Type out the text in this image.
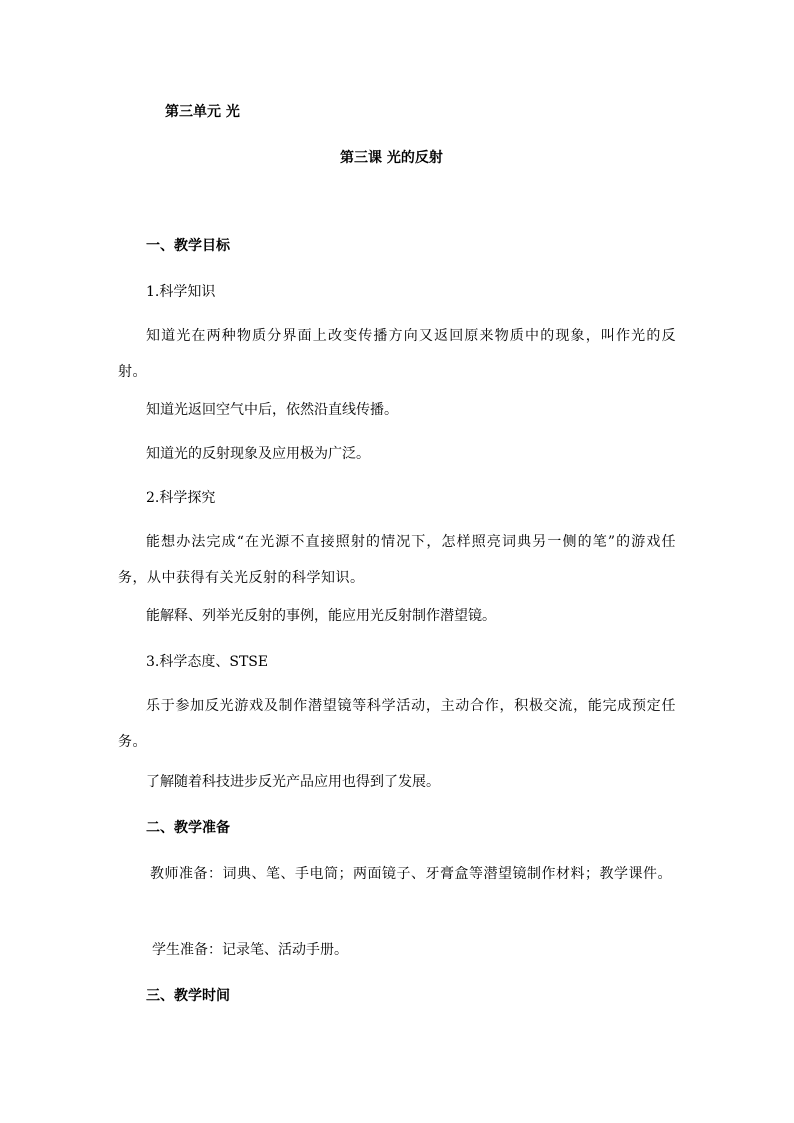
第三单元 光
第三课 光的反射
一、教学目标
1.科学知识
知道光在两种物质分界面上改变传播方向又返回原来物质中的现象，叫作光的反射。
知道光返回空气中后，依然沿直线传播。
知道光的反射现象及应用极为广泛。
2.科学探究
能想办法完成“在光源不直接照射的情况下，怎样照亮词典另一侧的笔”的游戏任务，从中获得有关光反射的科学知识。
能解释、列举光反射的事例，能应用光反射制作潜望镜。
3.科学态度、STSE
乐于参加反光游戏及制作潜望镜等科学活动，主动合作，积极交流，能完成预定任务。
了解随着科技进步反光产品应用也得到了发展。
二、教学准备
教师准备：词典、笔、手电筒；两面镜子、牙膏盒等潜望镜制作材料；教学课件。
学生准备：记录笔、活动手册。
三、教学时间
